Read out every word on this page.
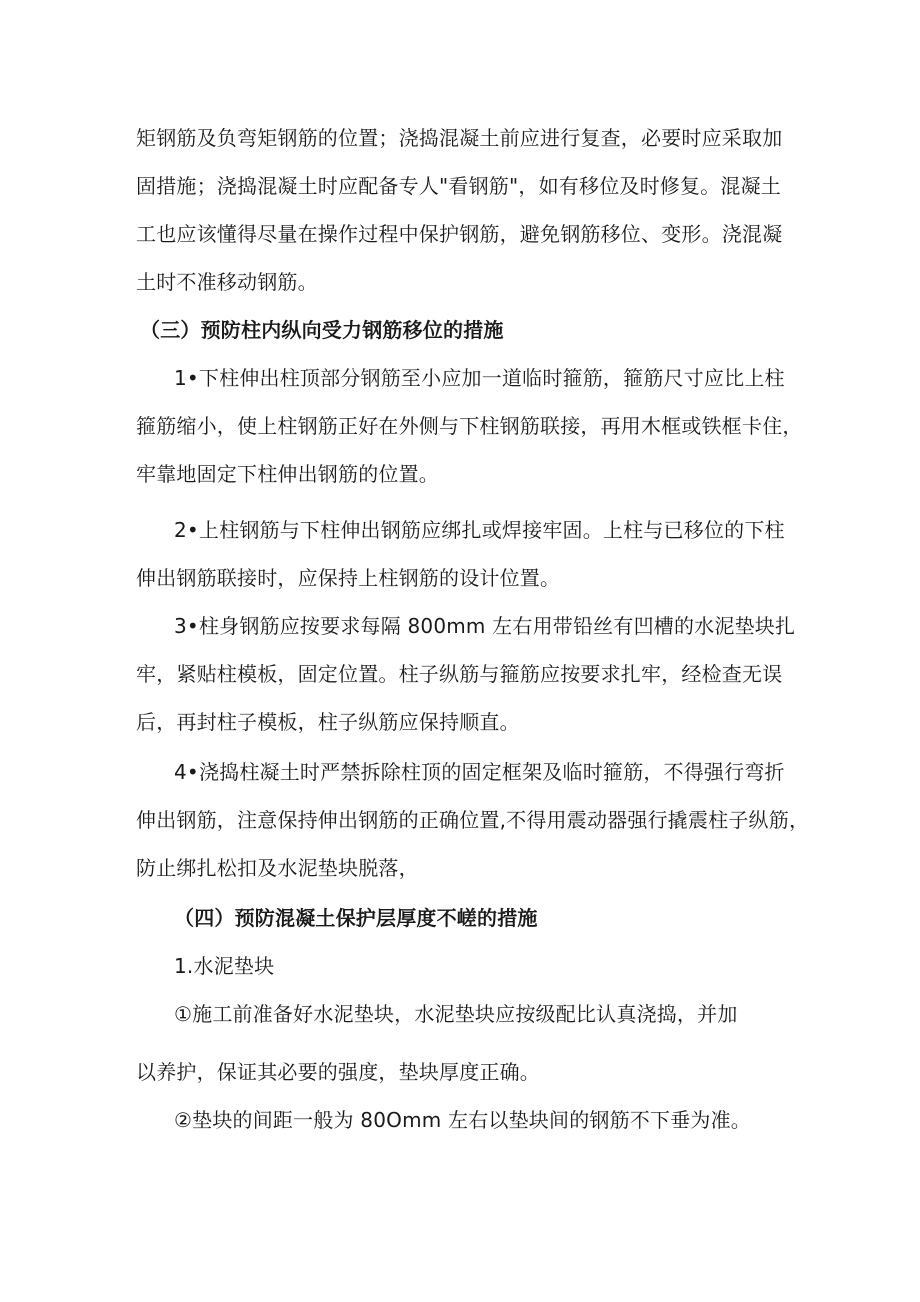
矩钢筋及负弯矩钢筋的位置；浇捣混凝土前应进行复查，必要时应采取加
固措施；浇捣混凝土时应配备专人"看钢筋"，如有移位及时修复。混凝土
工也应该懂得尽量在操作过程中保护钢筋，避免钢筋移位、变形。浇混凝
土时不准移动钢筋。
（三）预防柱内纵向受力钢筋移位的措施
1•下柱伸出柱顶部分钢筋至小应加一道临时箍筋，箍筋尺寸应比上柱
箍筋缩小，使上柱钢筋正好在外侧与下柱钢筋联接，再用木框或铁框卡住，
牢靠地固定下柱伸出钢筋的位置。
2•上柱钢筋与下柱伸出钢筋应绑扎或焊接牢固。上柱与已移位的下柱
伸出钢筋联接时，应保持上柱钢筋的设计位置。
3•柱身钢筋应按要求每隔 800mm 左右用带铅丝有凹槽的水泥垫块扎
牢，紧贴柱模板，固定位置。柱子纵筋与箍筋应按要求扎牢，经检查无误
后，再封柱子模板，柱子纵筋应保持顺直。
4•浇捣柱凝土时严禁拆除柱顶的固定框架及临时箍筋，不得强行弯折
伸出钢筋，注意保持伸出钢筋的正确位置,不得用震动器强行撬震柱子纵筋，
防止绑扎松扣及水泥垫块脱落，
（四）预防混凝土保护层厚度不嵯的措施
1.水泥垫块
①施工前准备好水泥垫块，水泥垫块应按级配比认真浇捣，并加
以养护，保证其必要的强度，垫块厚度正确。
②垫块的间距一般为 80Omm 左右以垫块间的钢筋不下垂为准。
